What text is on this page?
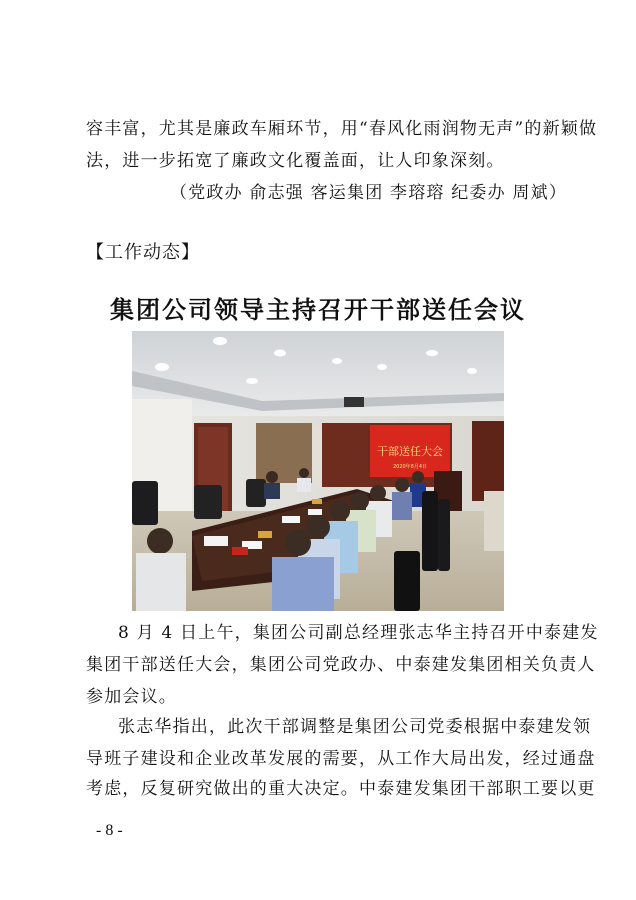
容丰富，尤其是廉政车厢环节，用“春风化雨润物无声”的新颖做
法，进一步拓宽了廉政文化覆盖面，让人印象深刻。
（党政办 俞志强 客运集团 李瑢瑢 纪委办 周斌）
【工作动态】
集团公司领导主持召开干部送任会议
干部送任大会
2020年8月4日
8 月 4 日上午，集团公司副总经理张志华主持召开中泰建发
集团干部送任大会，集团公司党政办、中泰建发集团相关负责人
参加会议。
张志华指出，此次干部调整是集团公司党委根据中泰建发领
导班子建设和企业改革发展的需要，从工作大局出发，经过通盘
考虑，反复研究做出的重大决定。中泰建发集团干部职工要以更
- 8 -
